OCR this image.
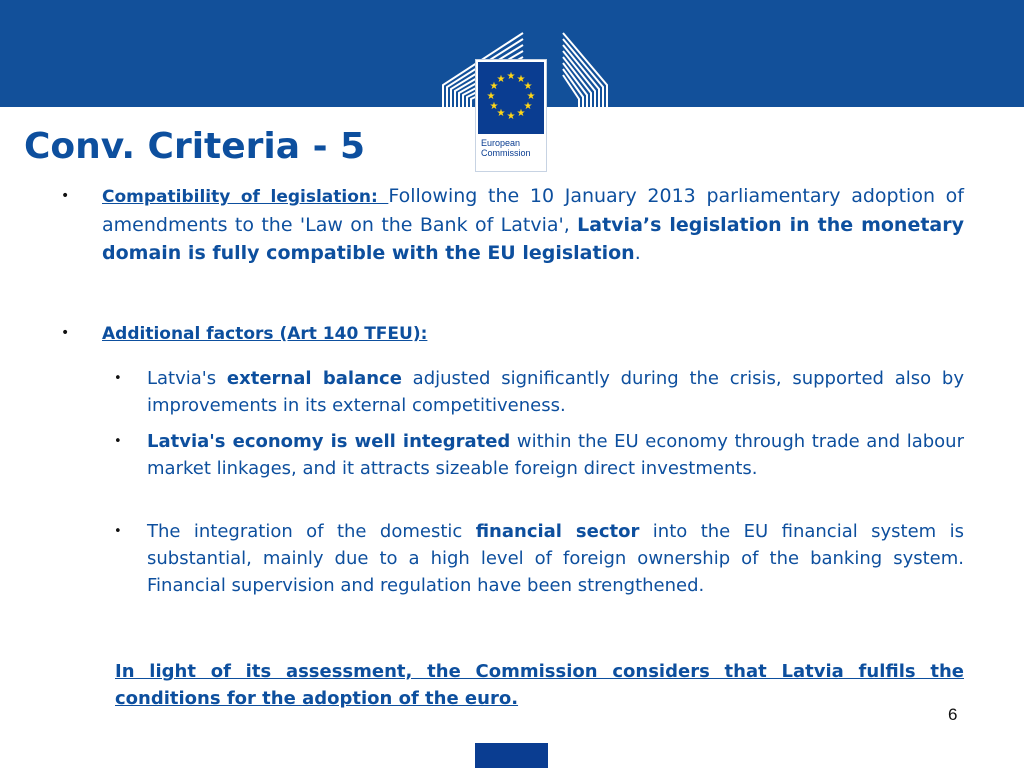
★ ★
★
★
★
★
★
★
★
★
★
★
European
Commission
Conv. Criteria - 5
• Compatibility of legislation: Following the 10 January 2013 parliamentary adoption of amendments to the 'Law on the Bank of Latvia', Latvia’s legislation in the monetary domain is fully compatible with the EU legislation.
• Additional factors (Art 140 TFEU):
• Latvia's external balance adjusted significantly during the crisis, supported also by improvements in its external competitiveness.
• Latvia's economy is well integrated within the EU economy through trade and labour market linkages, and it attracts sizeable foreign direct investments.
• The integration of the domestic financial sector into the EU financial system is substantial, mainly due to a high level of foreign ownership of the banking system. Financial supervision and regulation have been strengthened.
In light of its assessment, the Commission considers that Latvia fulfils the conditions for the adoption of the euro.
6
